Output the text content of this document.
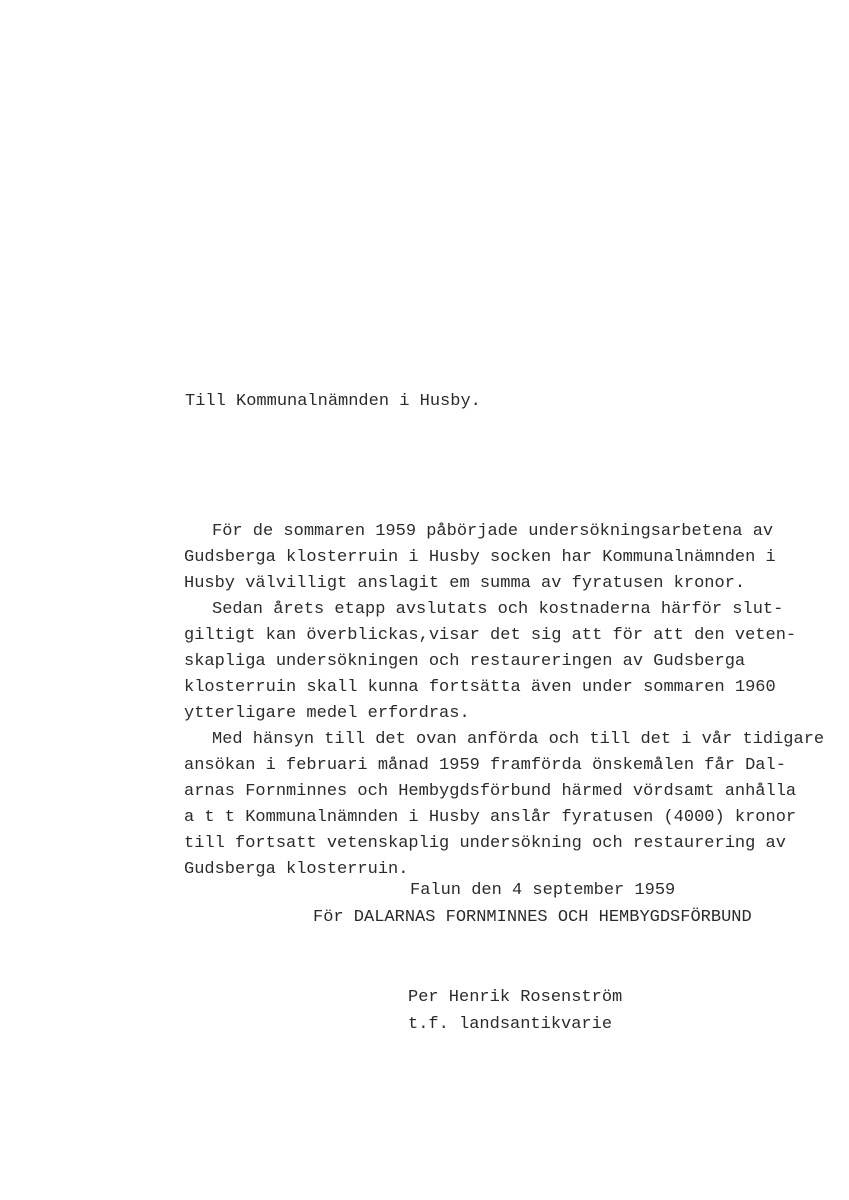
Till Kommunalnämnden i Husby.
För de sommaren 1959 påbörjade undersökningsarbetena av
Gudsberga klosterruin i Husby socken har Kommunalnämnden i
Husby välvilligt anslagit em summa av fyratusen kronor.
Sedan årets etapp avslutats och kostnaderna härför slut-
giltigt kan överblickas,visar det sig att för att den veten-
skapliga undersökningen och restaureringen av Gudsberga
klosterruin skall kunna fortsätta även under sommaren 1960
ytterligare medel erfordras.
Med hänsyn till det ovan anförda och till det i vår tidigare
ansökan i februari månad 1959 framförda önskemålen får Dal-
arnas Fornminnes och Hembygdsförbund härmed vördsamt anhålla
a t t Kommunalnämnden i Husby anslår fyratusen (4000) kronor
till fortsatt vetenskaplig undersökning och restaurering av
Gudsberga klosterruin.
Falun den 4 september 1959
För DALARNAS FORNMINNES OCH HEMBYGDSFÖRBUND
Per Henrik Rosenström
t.f. landsantikvarie
